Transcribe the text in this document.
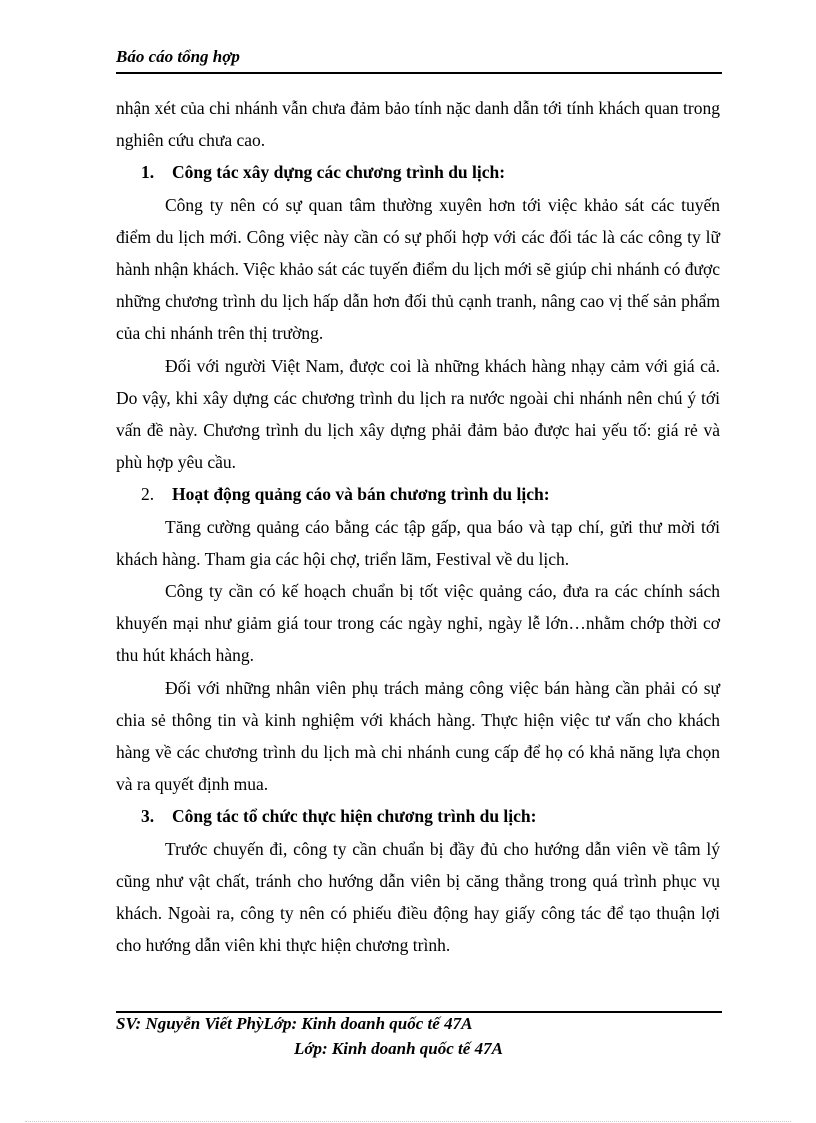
Báo cáo tổng hợp

nhận xét của chi nhánh vẫn chưa đảm bảo tính nặc danh dẫn tới tính khách quan trong nghiên cứu chưa cao.

1. Công tác xây dựng các chương trình du lịch:

Công ty nên có sự quan tâm thường xuyên hơn tới việc khảo sát các tuyến điểm du lịch mới. Công việc này cần có sự phối hợp với các đối tác là các công ty lữ hành nhận khách. Việc khảo sát các tuyến điểm du lịch mới sẽ giúp chi nhánh có được những chương trình du lịch hấp dẫn hơn đối thủ cạnh tranh, nâng cao vị thế sản phẩm của chi nhánh trên thị trường.

Đối với người Việt Nam, được coi là những khách hàng nhạy cảm với giá cả. Do vậy, khi xây dựng các chương trình du lịch ra nước ngoài chi nhánh nên chú ý tới vấn đề này. Chương trình du lịch xây dựng phải đảm bảo được hai yếu tố: giá rẻ và phù hợp yêu cầu.

2. Hoạt động quảng cáo và bán chương trình du lịch:

Tăng cường quảng cáo bằng các tập gấp, qua báo và tạp chí, gửi thư mời tới khách hàng. Tham gia các hội chợ, triển lãm, Festival về du lịch.

Công ty cần có kế hoạch chuẩn bị tốt việc quảng cáo, đưa ra các chính sách khuyến mại như giảm giá tour trong các ngày nghỉ, ngày lễ lớn…nhằm chớp thời cơ thu hút khách hàng.

Đối với những nhân viên phụ trách mảng công việc bán hàng cần phải có sự chia sẻ thông tin và kinh nghiệm với khách hàng. Thực hiện việc tư vấn cho khách hàng về các chương trình du lịch mà chi nhánh cung cấp để họ có khả năng lựa chọn và ra quyết định mua.

3. Công tác tổ chức thực hiện chương trình du lịch:

Trước chuyến đi, công ty cần chuẩn bị đầy đủ cho hướng dẫn viên về tâm lý cũng như vật chất, tránh cho hướng dẫn viên bị căng thẳng trong quá trình phục vụ khách. Ngoài ra, công ty nên có phiếu điều động hay giấy công tác để tạo thuận lợi cho hướng dẫn viên khi thực hiện chương trình.

SV: Nguyễn Viết PhỳLớp: Kinh doanh quốc tế 47A
Lớp: Kinh doanh quốc tế 47A
